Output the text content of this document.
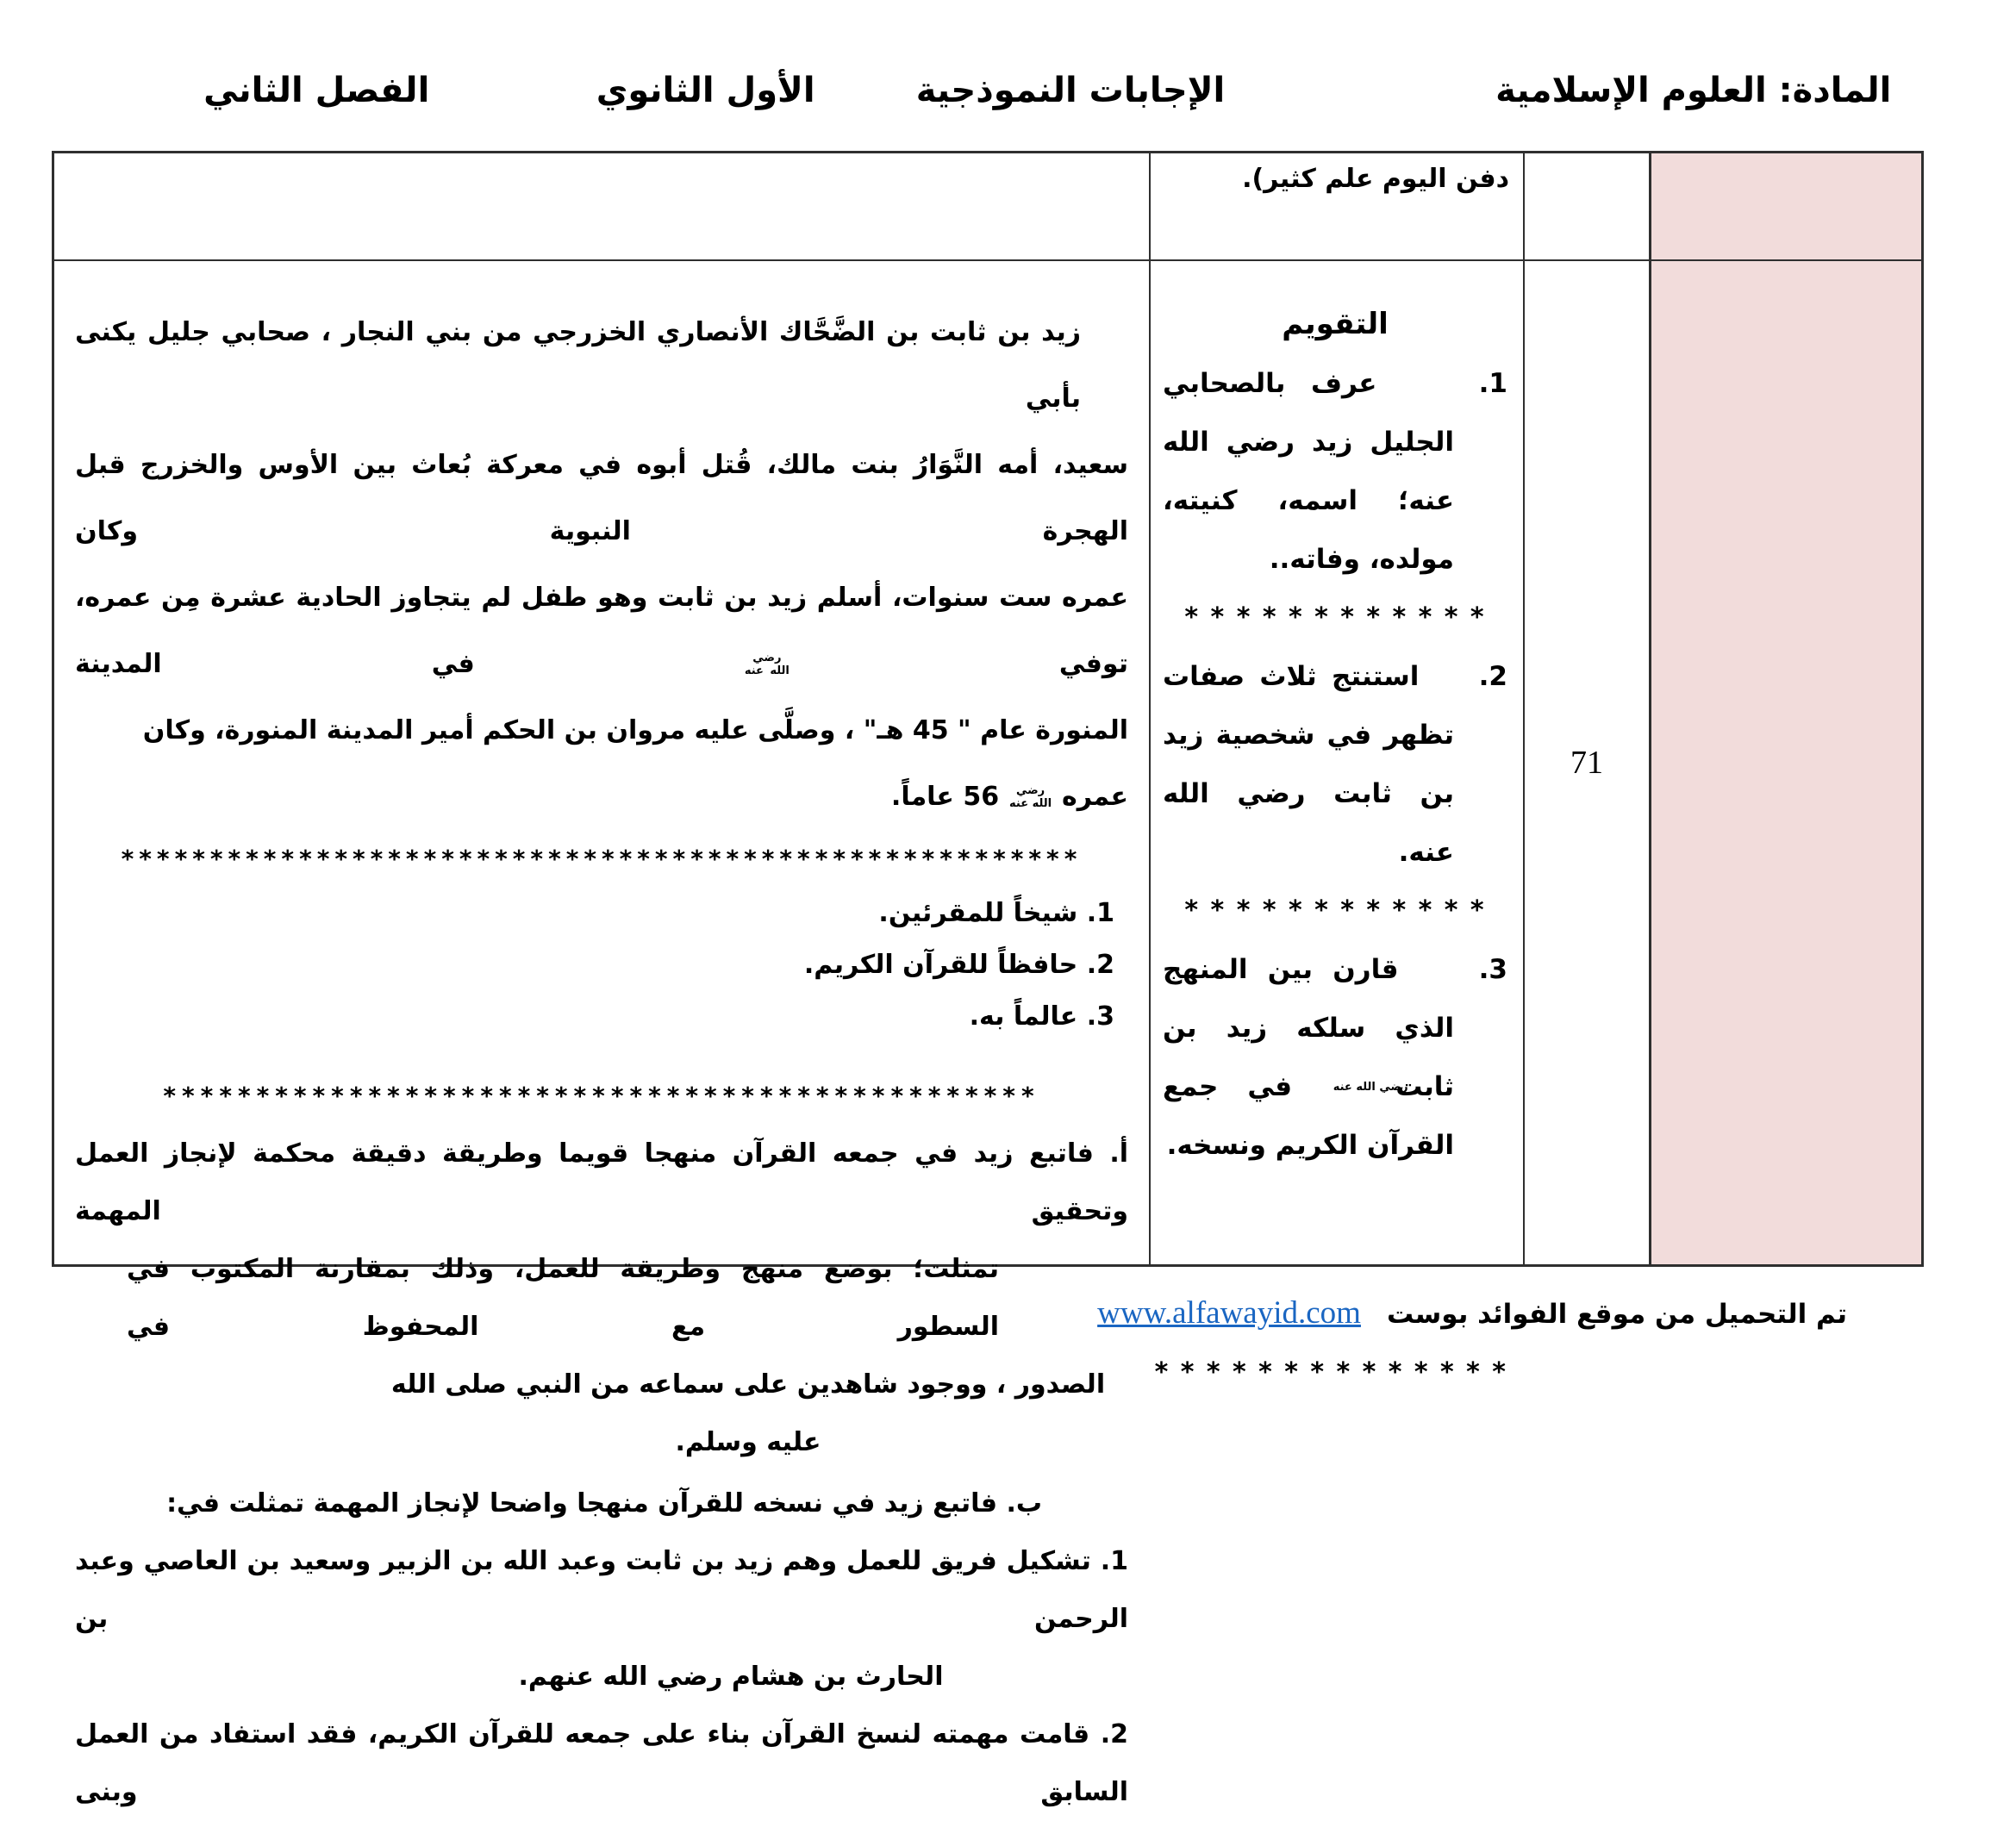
المادة: العلوم الإسلامية
الإجابات النموذجية
الأول الثانوي
الفصل الثاني
دفن اليوم علم كثير).
71
التقويم

1.    عرف بالصحابي الجليل زيد رضي الله عنه؛ اسمه، كنيته، مولده، وفاته..

* * * * * * * * * * * *

2.    استنتج ثلاث صفات تظهر في شخصية زيد بن ثابت رضي الله عنه.

* * * * * * * * * * * *

3.    قارن بين المنهج الذي سلكه زيد بن ثابت رضي الله عنه في جمع القرآن الكريم ونسخه.

* * * * * * * * * * * * * *
زيد بن ثابت بن الضَّحَّاك الأنصاري الخزرجي من بني النجار ، صحابي جليل يكنى بأبي
سعيد، أمه النَّوَارُ بنت مالك، قُتل أبوه في معركة بُعاث بين الأوس والخزرج قبل الهجرة النبوية وكان
عمره ست سنوات، أسلم زيد بن ثابت وهو طفل لم يتجاوز الحادية عشرة مِن عمره، توفي رضي الله عنه في المدينة
المنورة عام " 45 هـ" ، وصلَّى عليه مروان بن الحكم أمير المدينة المنورة، وكان عمره رضي الله عنه 56 عاماً.
******************************************************
1. شيخاً للمقرئين.
2. حافظاً للقرآن الكريم.
3. عالماً به.
***********************************************
أ. فاتبع زيد في جمعه القرآن منهجا قويما وطريقة دقيقة محكمة لإنجاز العمل وتحقيق المهمة
تمثلت؛ بوضع منهج وطريقة للعمل، وذلك بمقارنة المكتوب في السطور مع المحفوظ في
الصدور ، ووجود شاهدين على سماعه من النبي صلى الله عليه وسلم.
ب. فاتبع زيد في نسخه للقرآن منهجا واضحا لإنجاز المهمة تمثلت في:
1. تشكيل فريق للعمل وهم زيد بن ثابت وعبد الله بن الزبير وسعيد بن العاصي وعبد الرحمن بن
الحارث بن هشام رضي الله عنهم.
2. قامت مهمته لنسخ القرآن بناء على جمعه للقرآن الكريم، فقد استفاد من العمل السابق وبنى
تم التحميل من موقع الفوائد بوست
www.alfawayid.com
